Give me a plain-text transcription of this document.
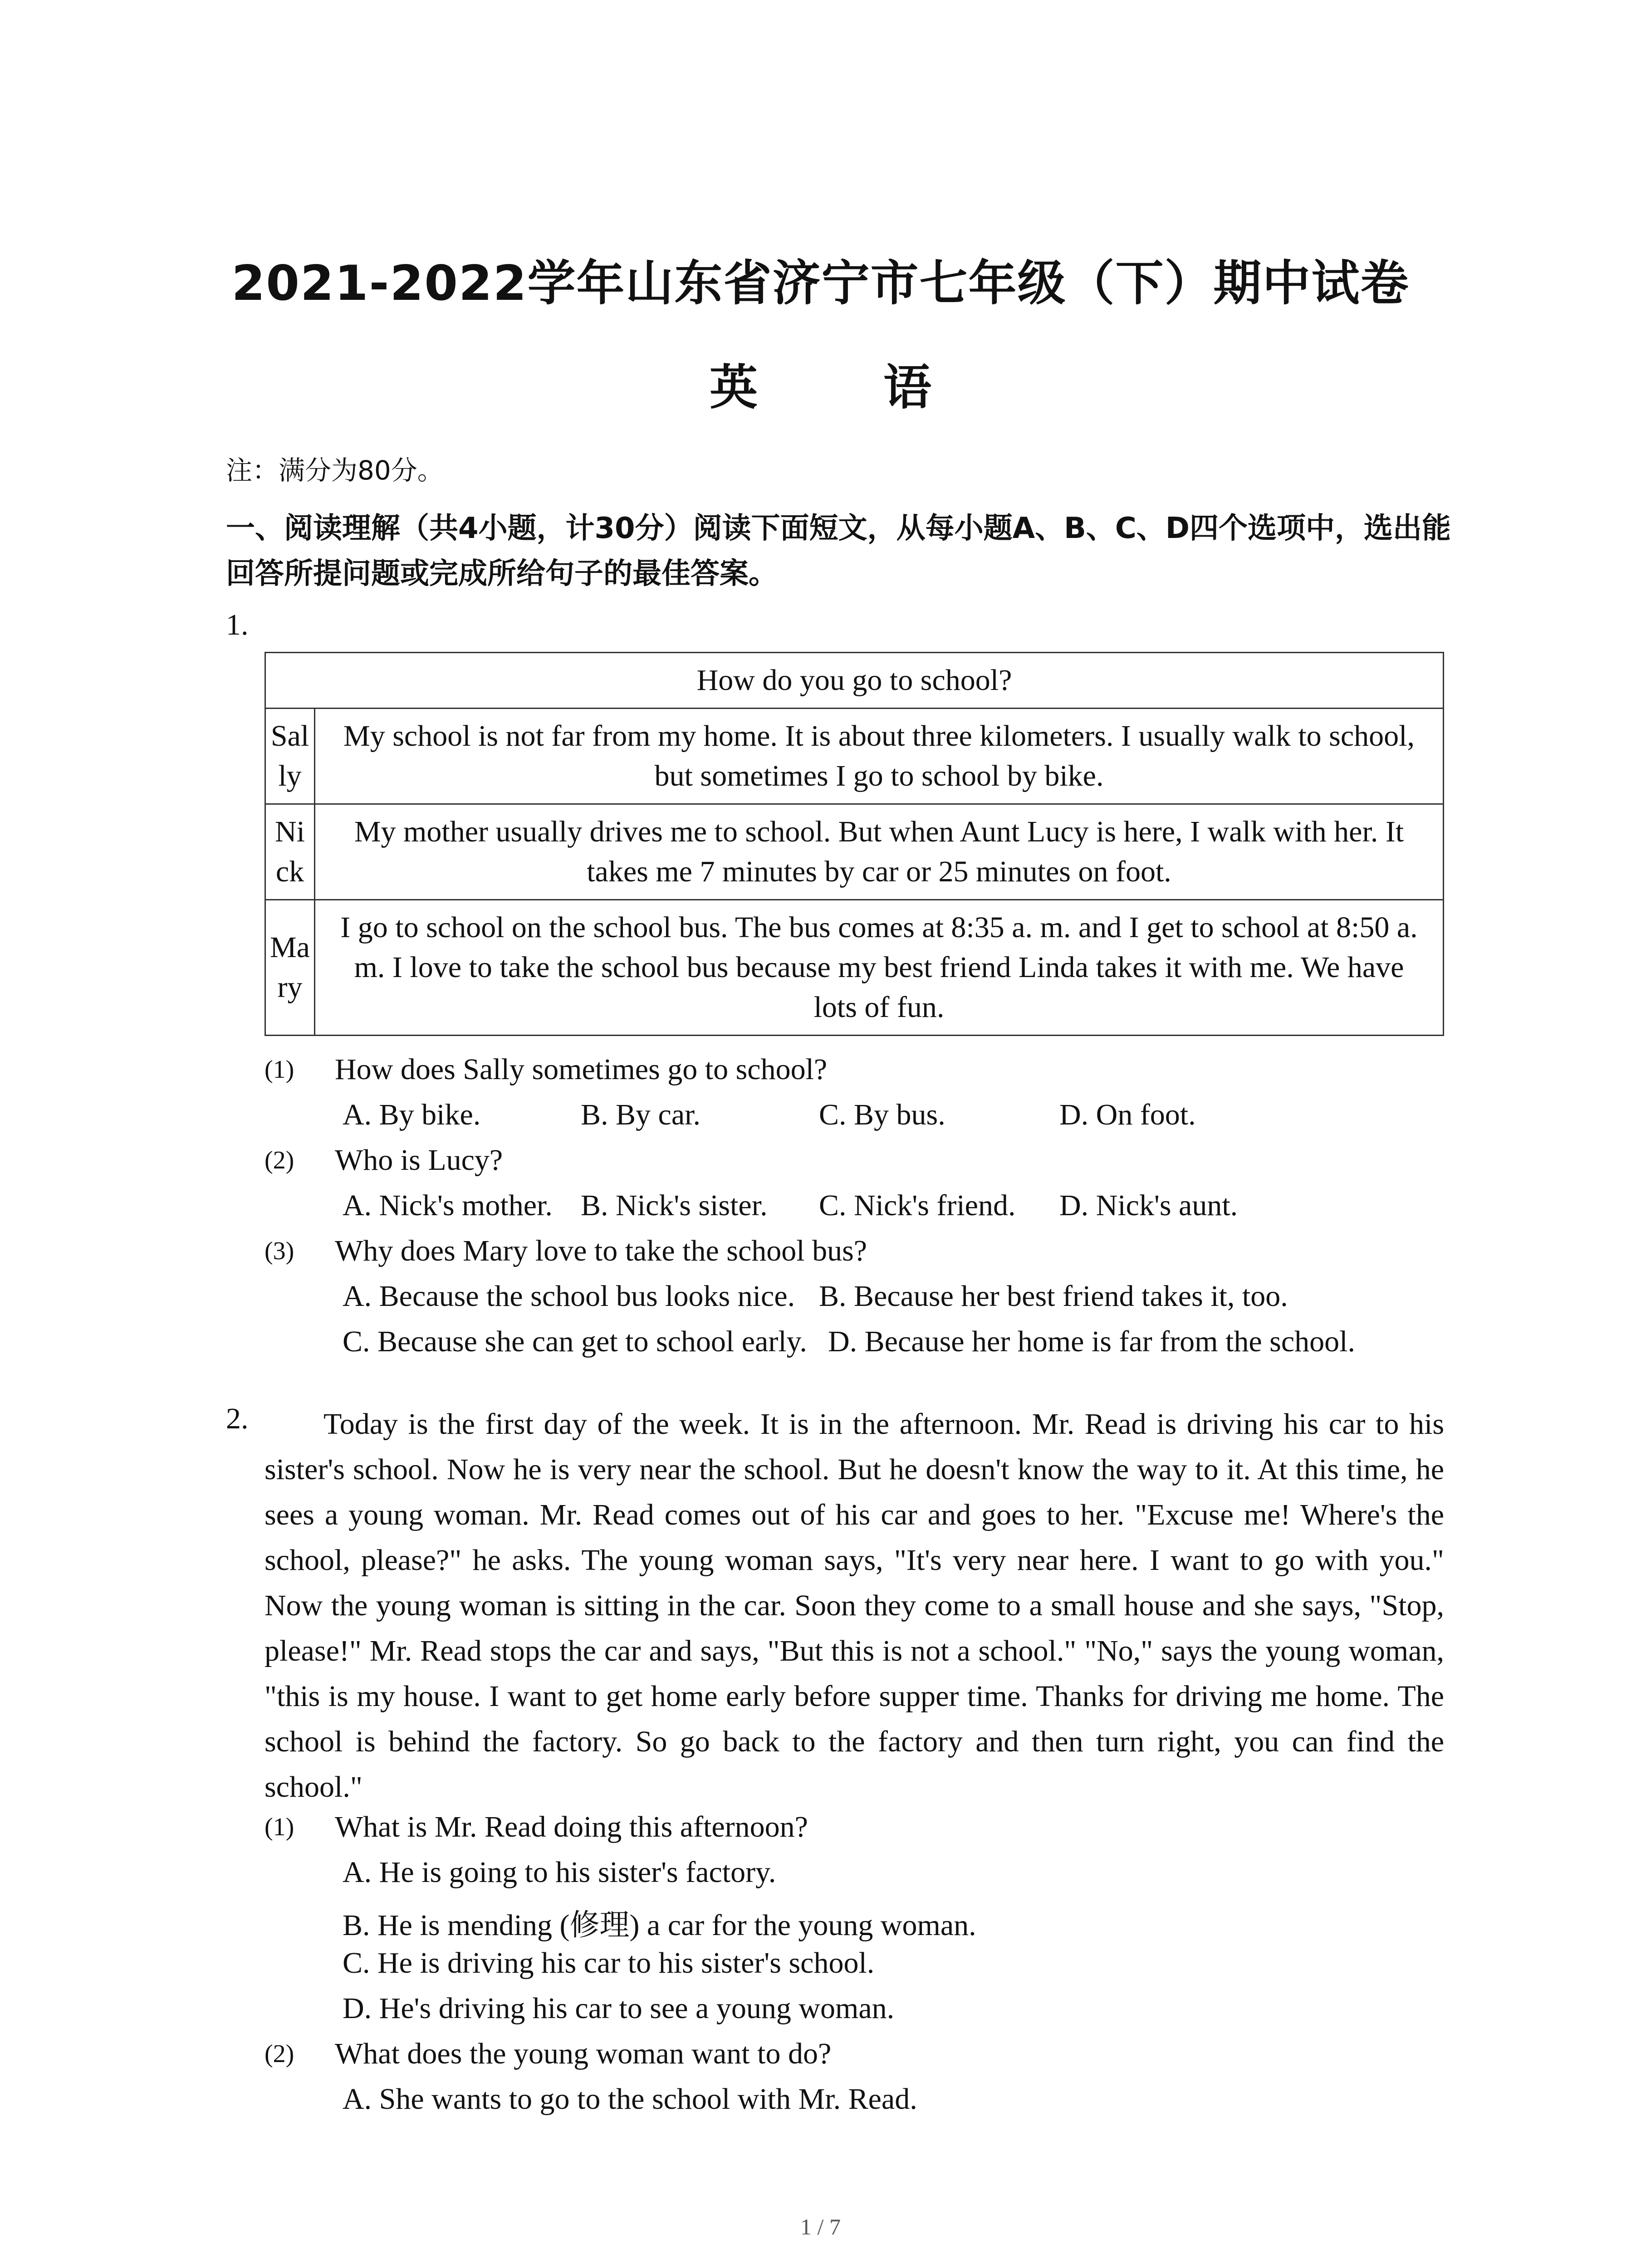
2021-2022学年山东省济宁市七年级（下）期中试卷
英 语
注：满分为80分。
一、阅读理解（共4小题，计30分）阅读下面短文，从每小题A、B、C、D四个选项中，选出能回答所提问题或完成所给句子的最佳答案。
1.
How do you go to school?	
Sally	My school is not far from my home. It is about three kilometers. I usually walk to school, but sometimes I go to school by bike.
Nick	My mother usually drives me to school. But when Aunt Lucy is here, I walk with her. It takes me 7 minutes by car or 25 minutes on foot.
Mary	I go to school on the school bus. The bus comes at 8:35 a. m. and I get to school at 8:50 a. m. I love to take the school bus because my best friend Linda takes it with me. We have lots of fun.
(1) How does Sally sometimes go to school?
A. By bike.	B. By car.	C. By bus.	D. On foot.
(2) Who is Lucy?
A. Nick's mother. B. Nick's sister. C. Nick's friend. D. Nick's aunt.
(3) Why does Mary love to take the school bus?
A. Because the school bus looks nice. B. Because her best friend takes it, too.
C. Because she can get to school early. D. Because her home is far from the school.
2.	Today is the first day of the week. It is in the afternoon. Mr. Read is driving his car to his sister's school. Now he is very near the school. But he doesn't know the way to it. At this time, he sees a young woman. Mr. Read comes out of his car and goes to her. "Excuse me! Where's the school, please?" he asks. The young woman says, "It's very near here. I want to go with you." Now the young woman is sitting in the car. Soon they come to a small house and she says, "Stop, please!" Mr. Read stops the car and says, "But this is not a school." "No," says the young woman, "this is my house. I want to get home early before supper time. Thanks for driving me home. The school is behind the factory. So go back to the factory and then turn right, you can find the school."
(1) What is Mr. Read doing this afternoon?
A. He is going to his sister's factory.
B. He is mending (修理) a car for the young woman.
C. He is driving his car to his sister's school.
D. He's driving his car to see a young woman.
(2) What does the young woman want to do?
A. She wants to go to the school with Mr. Read.
1 / 7
